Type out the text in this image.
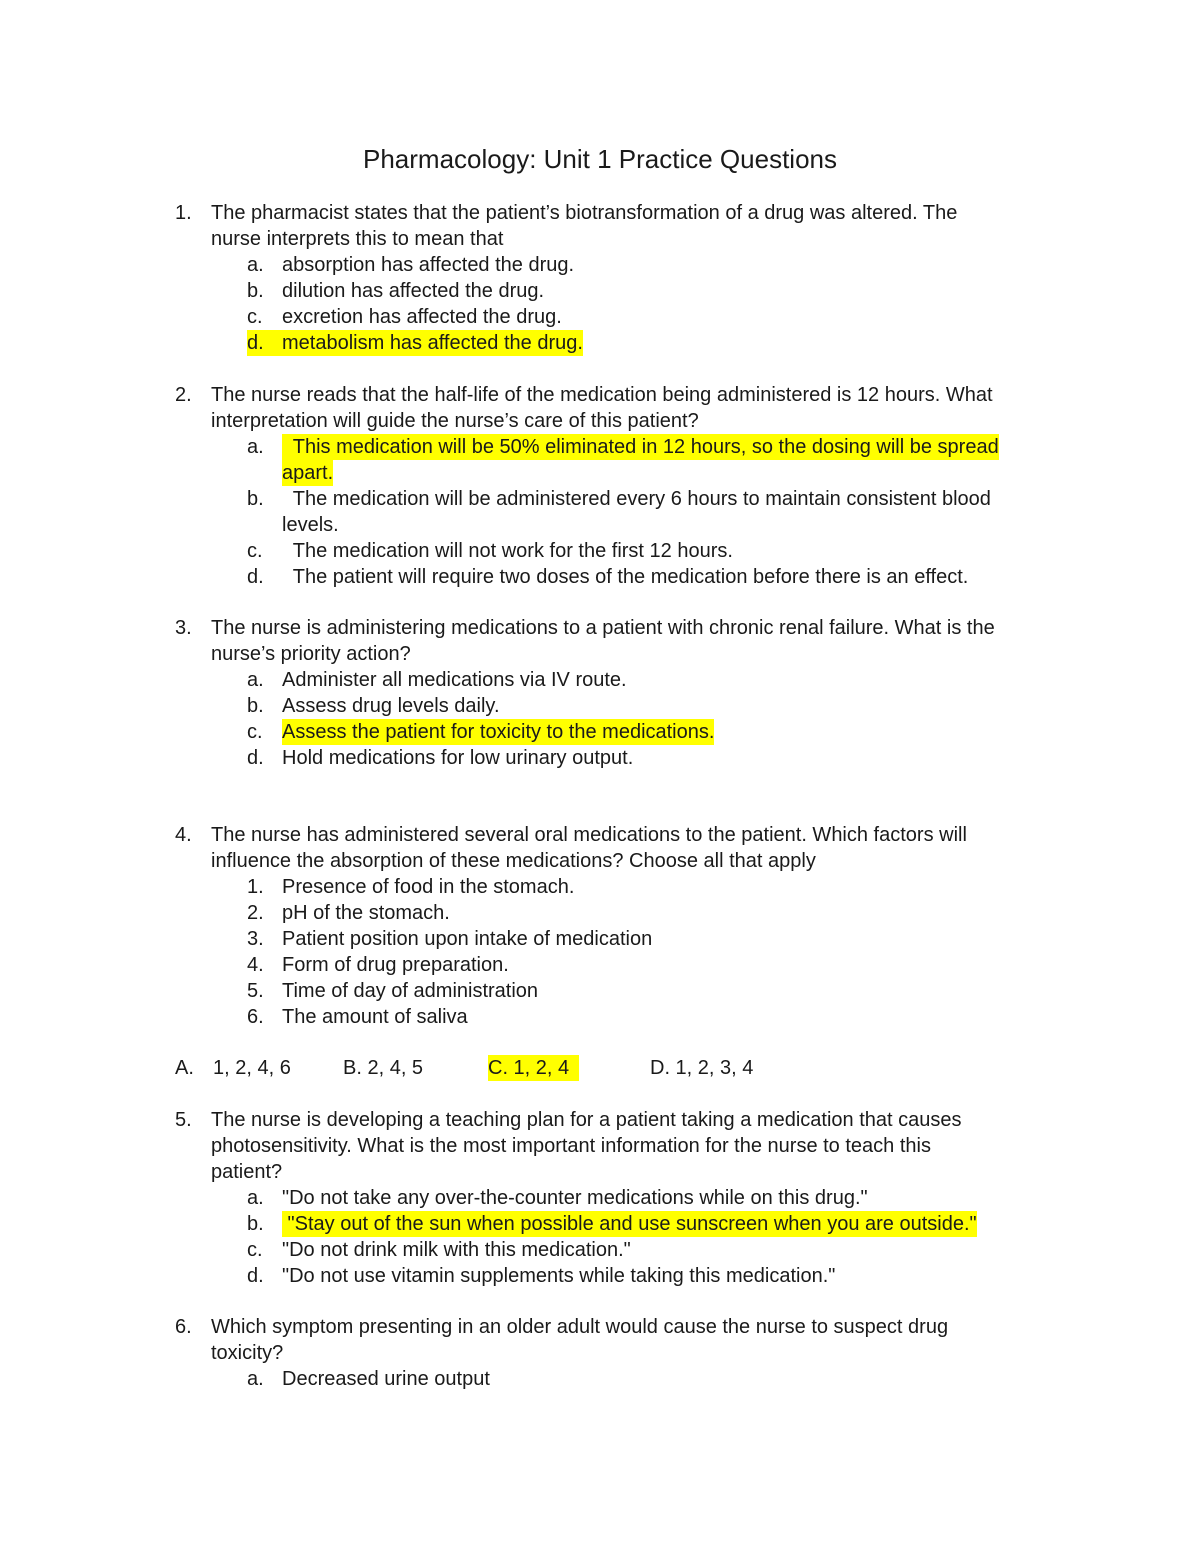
Pharmacology: Unit 1 Practice Questions
1. The pharmacist states that the patient’s biotransformation of a drug was altered. The
nurse interprets this to mean that
a. absorption has affected the drug.
b. dilution has affected the drug.
c. excretion has affected the drug.
d. metabolism has affected the drug.
2. The nurse reads that the half-life of the medication being administered is 12 hours. What
interpretation will guide the nurse’s care of this patient?
a. This medication will be 50% eliminated in 12 hours, so the dosing will be spread
apart.
b. The medication will be administered every 6 hours to maintain consistent blood
levels.
c. The medication will not work for the first 12 hours.
d. The patient will require two doses of the medication before there is an effect.
3. The nurse is administering medications to a patient with chronic renal failure. What is the
nurse’s priority action?
a. Administer all medications via IV route.
b. Assess drug levels daily.
c. Assess the patient for toxicity to the medications.
d. Hold medications for low urinary output.
4. The nurse has administered several oral medications to the patient. Which factors will
influence the absorption of these medications? Choose all that apply
1. Presence of food in the stomach.
2. pH of the stomach.
3. Patient position upon intake of medication
4. Form of drug preparation.
5. Time of day of administration
6. The amount of saliva
A. 1, 2, 4, 6	B. 2, 4, 5	C. 1, 2, 4	D. 1, 2, 3, 4
5. The nurse is developing a teaching plan for a patient taking a medication that causes
photosensitivity. What is the most important information for the nurse to teach this
patient?
a. "Do not take any over-the-counter medications while on this drug."
b. "Stay out of the sun when possible and use sunscreen when you are outside."
c. "Do not drink milk with this medication."
d. "Do not use vitamin supplements while taking this medication."
6. Which symptom presenting in an older adult would cause the nurse to suspect drug
toxicity?
a. Decreased urine output
